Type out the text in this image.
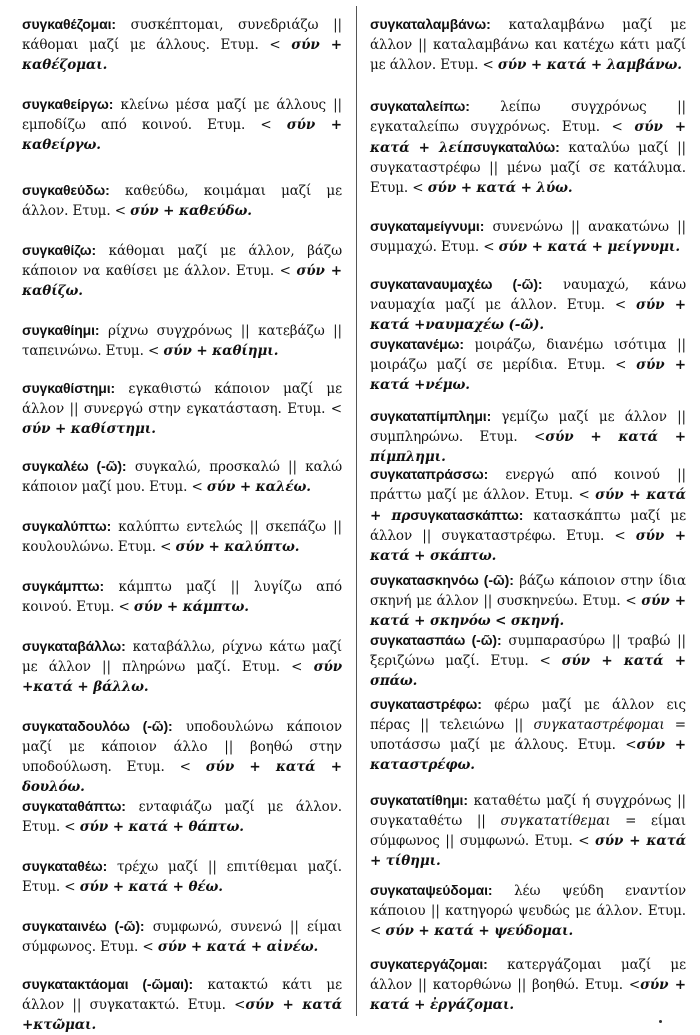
συγκαθέζομαι: συσκέπτομαι, συνεδριάζω || κάθομαι μαζί με άλλους. Ετυμ. < σύν + καθέζομαι.
συγκαθείργω: κλείνω μέσα μαζί με άλλους || εμποδίζω από κοινού. Ετυμ. < σύν + καθείργω.
συγκαθεύδω: καθεύδω, κοιμάμαι μαζί με άλλον. Ετυμ. < σύν + καθεύδω.
συγκαθίζω: κάθομαι μαζί με άλλον, βάζω κάποιον να καθίσει με άλλον. Ετυμ. < σύν + καθίζω.
συγκαθίημι: ρίχνω συγχρόνως || κατεβάζω || ταπεινώνω. Ετυμ. < σύν + καθίημι.
συγκαθίστημι: εγκαθιστώ κάποιον μαζί με άλλον || συνεργώ στην εγκατάσταση. Ετυμ. < σύν + καθίστημι.
συγκαλέω (-ῶ): συγκαλώ, προσκαλώ || καλώ κάποιον μαζί μου. Ετυμ. < σύν + καλέω.
συγκαλύπτω: καλύπτω εντελώς || σκεπάζω || κουλουλώνω. Ετυμ. < σύν + καλύπτω.
συγκάμπτω: κάμπτω μαζί || λυγίζω από κοινού. Ετυμ. < σύν + κάμπτω.
συγκαταβάλλω: καταβάλλω, ρίχνω κάτω μαζί με άλλον || πληρώνω μαζί. Ετυμ. < σύν +κατά + βάλλω.
συγκαταδουλόω (-ῶ): υποδουλώνω κάποιον μαζί με κάποιον άλλο || βοηθώ στην υποδούλωση. Ετυμ. < σύν + κατά + δουλόω.
συγκαταθάπτω: ενταφιάζω μαζί με άλλον. Ετυμ. < σύν + κατά + θάπτω.
συγκαταθέω: τρέχω μαζί || επιτίθεμαι μαζί. Ετυμ. < σύν + κατά + θέω.
συγκαταινέω (-ῶ): συμφωνώ, συνενώ || είμαι σύμφωνος. Ετυμ. < σύν + κατά + αἰνέω.
συγκατακτάομαι (-ῶμαι): κατακτώ κάτι με άλλον || συγκατακτώ. Ετυμ. <σύν + κατά +κτῶμαι.
συγκαταλαμβάνω: καταλαμβάνω μαζί με άλλον || καταλαμβάνω και κατέχω κάτι μαζί με άλλον. Ετυμ. < σύν + κατά + λαμβάνω.
συγκαταλείπω: λείπω συγχρόνως || εγκαταλείπω συγχρόνως. Ετυμ. < σύν + κατά + λείπσυγκαταλύω: καταλύω μαζί || συγκαταστρέφω || μένω μαζί σε κατάλυμα. Ετυμ. < σύν + κατά + λύω.
συγκαταμείγνυμι: συνενώνω || ανακατώνω || συμμαχώ. Ετυμ. < σύν + κατά + μείγνυμι.
συγκαταναυμαχέω (-ῶ): ναυμαχώ, κάνω ναυμαχία μαζί με άλλον. Ετυμ. < σύν + κατά +ναυμαχέω (-ῶ).
συγκατανέμω: μοιράζω, διανέμω ισότιμα || μοιράζω μαζί σε μερίδια. Ετυμ. < σύν + κατά +νέμω.
συγκαταπίμπλημι: γεμίζω μαζί με άλλον || συμπληρώνω. Ετυμ. <σύν + κατά + πίμπλημι.
συγκαταπράσσω: ενεργώ από κοινού || πράττω μαζί με άλλον. Ετυμ. < σύν + κατά + πρσυγκατασκάπτω: κατασκάπτω μαζί με άλλον || συγκαταστρέφω. Ετυμ. < σύν + κατά + σκάπτω.
συγκατασκηνόω (-ῶ): βάζω κάποιον στην ίδια σκηνή με άλλον || συσκηνεύω. Ετυμ. < σύν + κατά + σκηνόω < σκηνή.
συγκατασπάω (-ῶ): συμπαρασύρω || τραβώ || ξεριζώνω μαζί. Ετυμ. < σύν + κατά + σπάω.
συγκαταστρέφω: φέρω μαζί με άλλον εις πέρας || τελειώνω || συγκαταστρέφομαι = υποτάσσω μαζί με άλλους. Ετυμ. <σύν + καταστρέφω.
συγκατατίθημι: καταθέτω μαζί ή συγχρόνως || συγκαταθέτω || συγκατατίθεμαι = είμαι σύμφωνος || συμφωνώ. Ετυμ. < σύν + κατά + τίθημι.
συγκαταψεύδομαι: λέω ψεύδη εναντίον κάποιου || κατηγορώ ψευδώς με άλλον. Ετυμ. < σύν + κατά + ψεύδομαι.
συγκατεργάζομαι: κατεργάζομαι μαζί με άλλον || κατορθώνω || βοηθώ. Ετυμ. <σύν + κατά + ἐργάζομαι.
